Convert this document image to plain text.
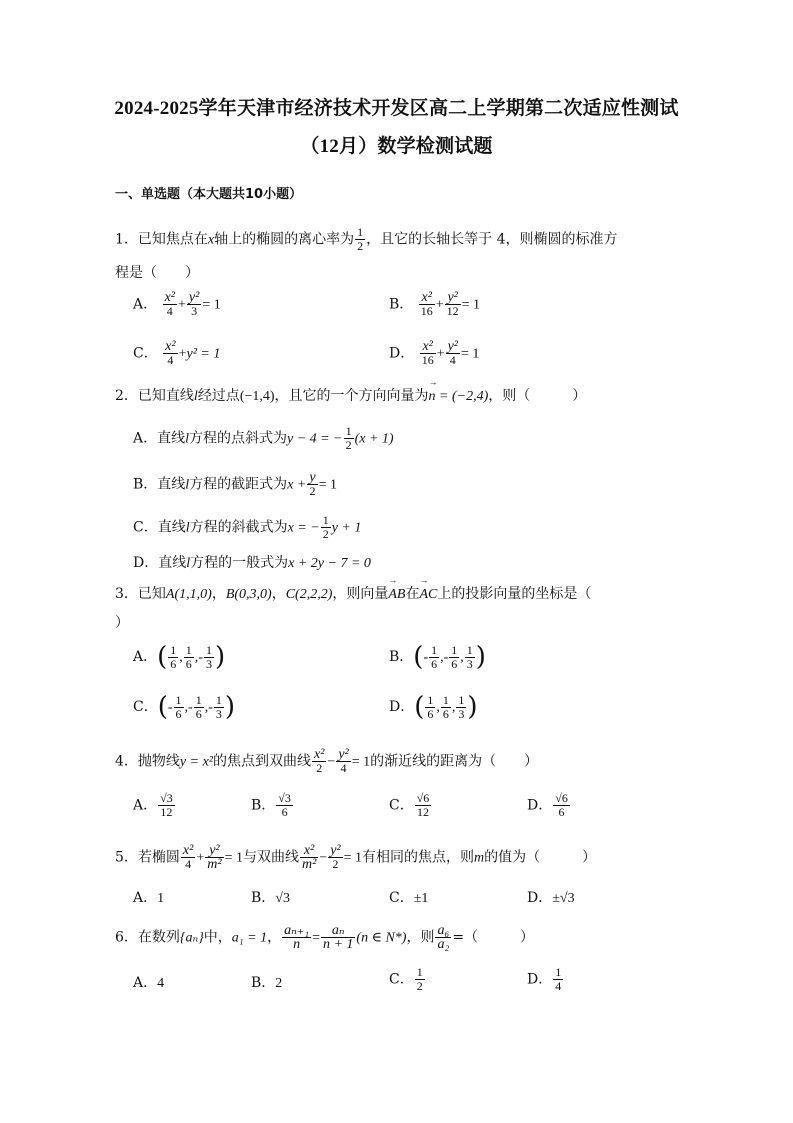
2024-2025学年天津市经济技术开发区高二上学期第二次适应性测试
（12月）数学检测试题
一、单选题（本大题共10小题）
1．已知焦点在x轴上的椭圆的离心率为 $\frac{1}{2}$ ，且它的长轴长等于 4，则椭圆的标准方
程是（　　）
A． $\frac{\text{x²}}{4} + \frac{\text{y²}}{3} = 1$	B． $\frac{\text{x²}}{16} + \frac{\text{y²}}{12} = 1$
C． $\frac{\text{x²}}{4} +y^2 = 1$	D． $\frac{\text{x²}}{16} + \frac{\text{y²}}{4} = 1$
2．已知直线l经过点(−1,4)，且它的一个方向向量为→ n = (−2,4)，则（　　　）
A．直线l方程的点斜式为y − 4 = − $\frac{1}{2} (x + 1)$
B．直线l方程的截距式为$x + \frac{y}{2} = 1$
C．直线l方程的斜截式为x = − $\frac{1}{2}$ y + 1
D．直线l方程的一般式为x + 2y − 7 = 0
3．已知A(1,1,0)，B(0,3,0)，C(2,2,2)，则向量→ AB在→ AC上的投影向量的坐标是（
）
A．( $\frac{1}{6}$ , $\frac{1}{6}$ ,- $\frac{1}{3}$ )	B．(- $\frac{1}{6}$ ,- $\frac{1}{6}$ , $\frac{1}{3}$ )
C．(- $\frac{1}{6}$ ,- $\frac{1}{6}$ ,- $\frac{1}{3}$ )	D．( $\frac{1}{6}$ , $\frac{1}{6}$ , $\frac{1}{3}$ )
4．抛物线y = x²的焦点到双曲线 $\frac{\text{x²}}{2} - \frac{\text{y²}}{4} = 1$的渐近线的距离为（　　）
A． $\frac{√3}{12}$	B． $\frac{√3}{6}$	C． $\frac{√6}{12}$	D． $\frac{√6}{6}$
5．若椭圆 $\frac{\text{x²}}{4} + \frac{\text{y²}}{\text{m²}} = 1$与双曲线 $\frac{\text{x²}}{\text{m²}} - \frac{\text{y²}}{2} = 1$有相同的焦点，则m的值为（　　　）
A．1	B．√3	C．±1	D．±√3
6．在数列{aₙ}中，a₁ = 1， $\frac{\text{aₙ₊₁}}{n} = \frac{\text{aₙ}}{n + 1} (n$ ∈ N*)，则 $\frac{\text{a₆}}{\text{a₂}}$ =（　　　）
A．4	B．2	C． $\frac{1}{2}$	D． $\frac{1}{4}$
